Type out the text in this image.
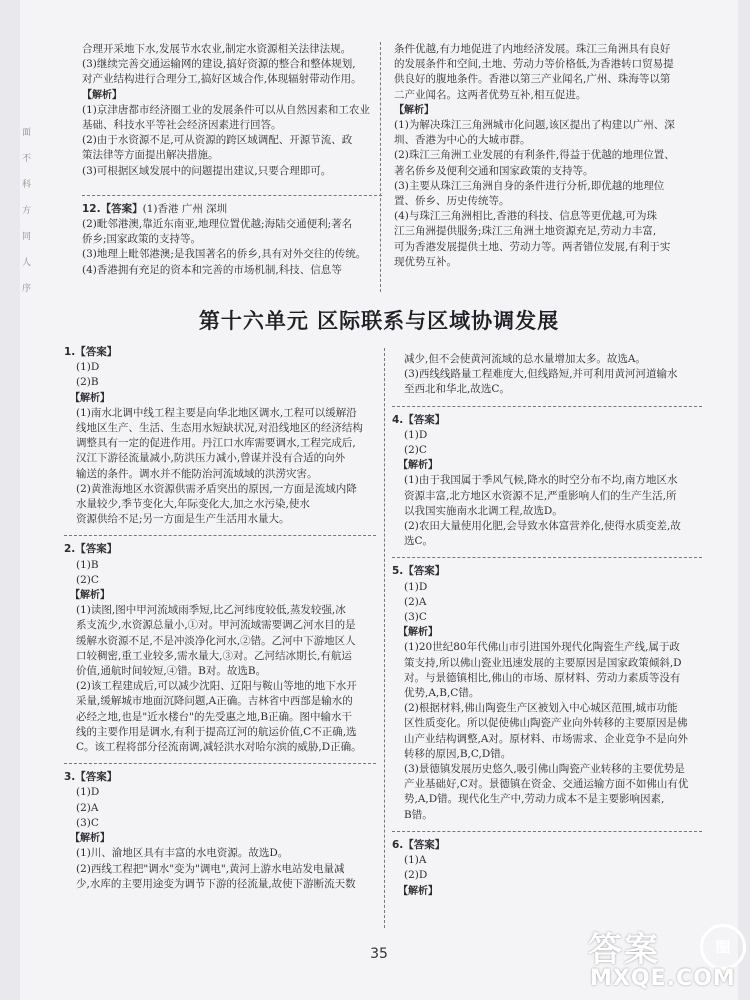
面
不
科
方
同
人
序

合理开采地下水,发展节水农业,制定水资源相关法律法规。

(3)继续完善交通运输网的建设,搞好资源的整合和整体规划,

对产业结构进行合理分工,搞好区域合作,体现辐射带动作用。

【解析】

(1)京津唐都市经济圈工业的发展条件可以从自然因素和工农业

基础、科技水平等社会经济因素进行回答。

(2)由于水资源不足,可从资源的跨区域调配、开源节流、政

策法律等方面提出解决措施。

(3)可根据区域发展中的问题提出建议,只要合理即可。

12.【答案】(1)香港 广州 深圳

(2)毗邻港澳,靠近东南亚,地理位置优越;海陆交通便利;著名

侨乡;国家政策的支持等。

(3)地理上毗邻港澳;是我国著名的侨乡,具有对外交往的传统。

(4)香港拥有充足的资本和完善的市场机制,科技、信息等

条件优越,有力地促进了内地经济发展。珠江三角洲具有良好

的发展条件和空间,土地、劳动力等价格低,为香港转口贸易提

供良好的腹地条件。香港以第三产业闻名,广州、珠海等以第

二产业闻名。这两者优势互补,相互促进。

【解析】

(1)为解决珠江三角洲城市化问题,该区提出了构建以广州、深

圳、香港为中心的大城市群。

(2)珠江三角洲工业发展的有利条件,得益于优越的地理位置、

著名侨乡及便利交通和国家政策的支持等。

(3)主要从珠江三角洲自身的条件进行分析,即优越的地理位

置、侨乡、历史传统等。

(4)与珠江三角洲相比,香港的科技、信息等更优越,可为珠

江三角洲提供服务;珠江三角洲土地资源充足,劳动力丰富,

可为香港发展提供土地、劳动力等。两者错位发展,有利于实

现优势互补。

第十六单元 区际联系与区域协调发展

1.【答案】

(1)D

(2)B

【解析】

(1)南水北调中线工程主要是向华北地区调水,工程可以缓解沿

线地区生产、生活、生态用水短缺状况,对沿线地区的经济结构

调整具有一定的促进作用。丹江口水库需要调水,工程完成后,

汉江下游径流量减小,防洪压力减小,曾谋并没有合适的向外

输送的条件。调水并不能防治河流域域的洪涝灾害。

(2)黄淮海地区水资源供需矛盾突出的原因,一方面是流域内降

水量较少,季节变化大,年际变化大,加之水污染,使水

资源供给不足;另一方面是生产生活用水量大。

2.【答案】

(1)B

(2)C

【解析】

(1)读图,图中甲河流域雨季短,比乙河纬度较低,蒸发较强,冰

系支流少,水资源总量小,①对。甲河流域需要调乙河水目的是

缓解水资源不足,不是冲淡净化河水,②错。乙河中下游地区人

口较稠密,重工业较多,需水量大,③对。乙河结冰期长,有航运

价值,通航时间较短,④错。B对。故选B。

(2)该工程建成后,可以减少沈阳、辽阳与鞍山等地的地下水开

采量,缓解城市地面沉降问题,A正确。吉林省中西部是输水的

必经之地,也是"近水楼台"的先受惠之地,B正确。图中输水干

线的主要作用是调水,有利于提高辽河的航运价值,C不正确,选

C。该工程将部分径流南调,减轻洪水对哈尔滨的威胁,D正确。

3.【答案】

(1)D

(2)A

(3)C

【解析】

(1)川、渝地区具有丰富的水电资源。故选D。

(2)西线工程把"调水"变为"调电",黄河上游水电站发电量减

少,水库的主要用途变为调节下游的径流量,故使下游断流天数

减少,但不会使黄河流域的总水量增加太多。故选A。

(3)西线线路量工程难度大,但线路短,并可利用黄河河道输水

至西北和华北,故选C。

4.【答案】

(1)D

(2)C

【解析】

(1)由于我国属于季风气候,降水的时空分布不均,南方地区水

资源丰富,北方地区水资源不足,严重影响人们的生产生活,所

以我国实施南水北调工程,故选D。

(2)农田大量使用化肥,会导致水体富营养化,使得水质变差,故

选C。

5.【答案】

(1)D

(2)A

(3)C

【解析】

(1)20世纪80年代佛山市引进国外现代化陶瓷生产线,属于政

策支持,所以佛山瓷业迅速发展的主要原因是国家政策倾斜,D

对。与景德镇相比,佛山的市场、原材料、劳动力素质等没有

优势,A,B,C错。

(2)根据材料,佛山陶瓷生产区被划入中心城区范围,城市功能

区性质变化。所以促使佛山陶瓷产业向外转移的主要原因是佛

山产业结构调整,A对。原材料、市场需求、企业竞争不是向外

转移的原因,B,C,D错。

(3)景德镇发展历史悠久,吸引佛山陶瓷产业转移的主要优势是

产业基础好,C对。景德镇在资金、交通运输方面不如佛山有优

势,A,D错。现代化生产中,劳动力成本不是主要影响因素,

B错。

6.【答案】

(1)A

(2)D

【解析】

35	答案	圈
MXQE.COM
